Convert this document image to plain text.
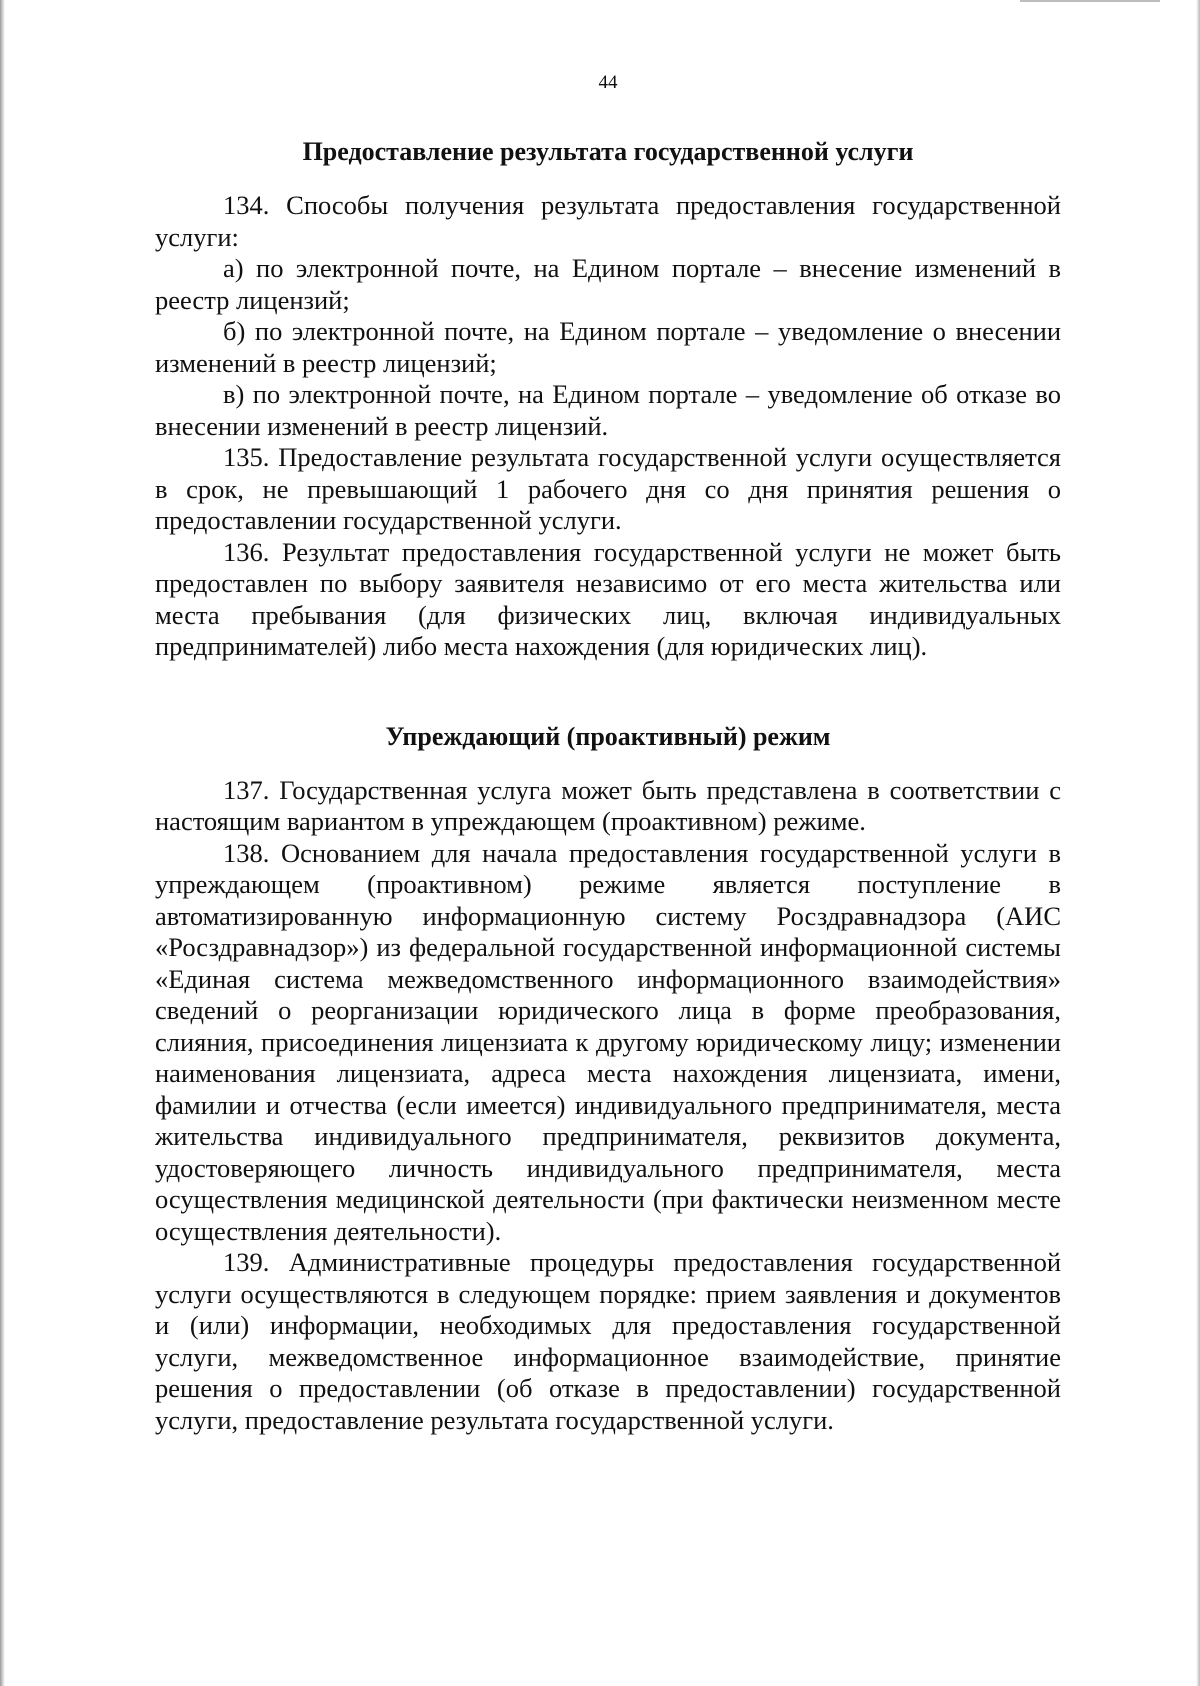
44
Предоставление результата государственной услуги

134. Способы получения результата предоставления государственной услуги:

а) по электронной почте, на Едином портале – внесение изменений в реестр лицензий;

б) по электронной почте, на Едином портале – уведомление о внесении изменений в реестр лицензий;

в) по электронной почте, на Едином портале – уведомление об отказе во внесении изменений в реестр лицензий.

135. Предоставление результата государственной услуги осуществляется в срок, не превышающий 1 рабочего дня со дня принятия решения о предоставлении государственной услуги.

136. Результат предоставления государственной услуги не может быть предоставлен по выбору заявителя независимо от его места жительства или места пребывания (для физических лиц, включая индивидуальных предпринимателей) либо места нахождения (для юридических лиц).

Упреждающий (проактивный) режим

137. Государственная услуга может быть представлена в соответствии с настоящим вариантом в упреждающем (проактивном) режиме.

138. Основанием для начала предоставления государственной услуги в упреждающем (проактивном) режиме является поступление в автоматизированную информационную систему Росздравнадзора (АИС «Росздравнадзор») из федеральной государственной информационной системы «Единая система межведомственного информационного взаимодействия» сведений о реорганизации юридического лица в форме преобразования, слияния, присоединения лицензиата к другому юридическому лицу; изменении наименования лицензиата, адреса места нахождения лицензиата, имени, фамилии и отчества (если имеется) индивидуального предпринимателя, места жительства индивидуального предпринимателя, реквизитов документа, удостоверяющего личность индивидуального предпринимателя, места осуществления медицинской деятельности (при фактически неизменном месте осуществления деятельности).

139. Административные процедуры предоставления государственной услуги осуществляются в следующем порядке: прием заявления и документов и (или) информации, необходимых для предоставления государственной услуги, межведомственное информационное взаимодействие, принятие решения о предоставлении (об отказе в предоставлении) государственной услуги, предоставление результата государственной услуги.
